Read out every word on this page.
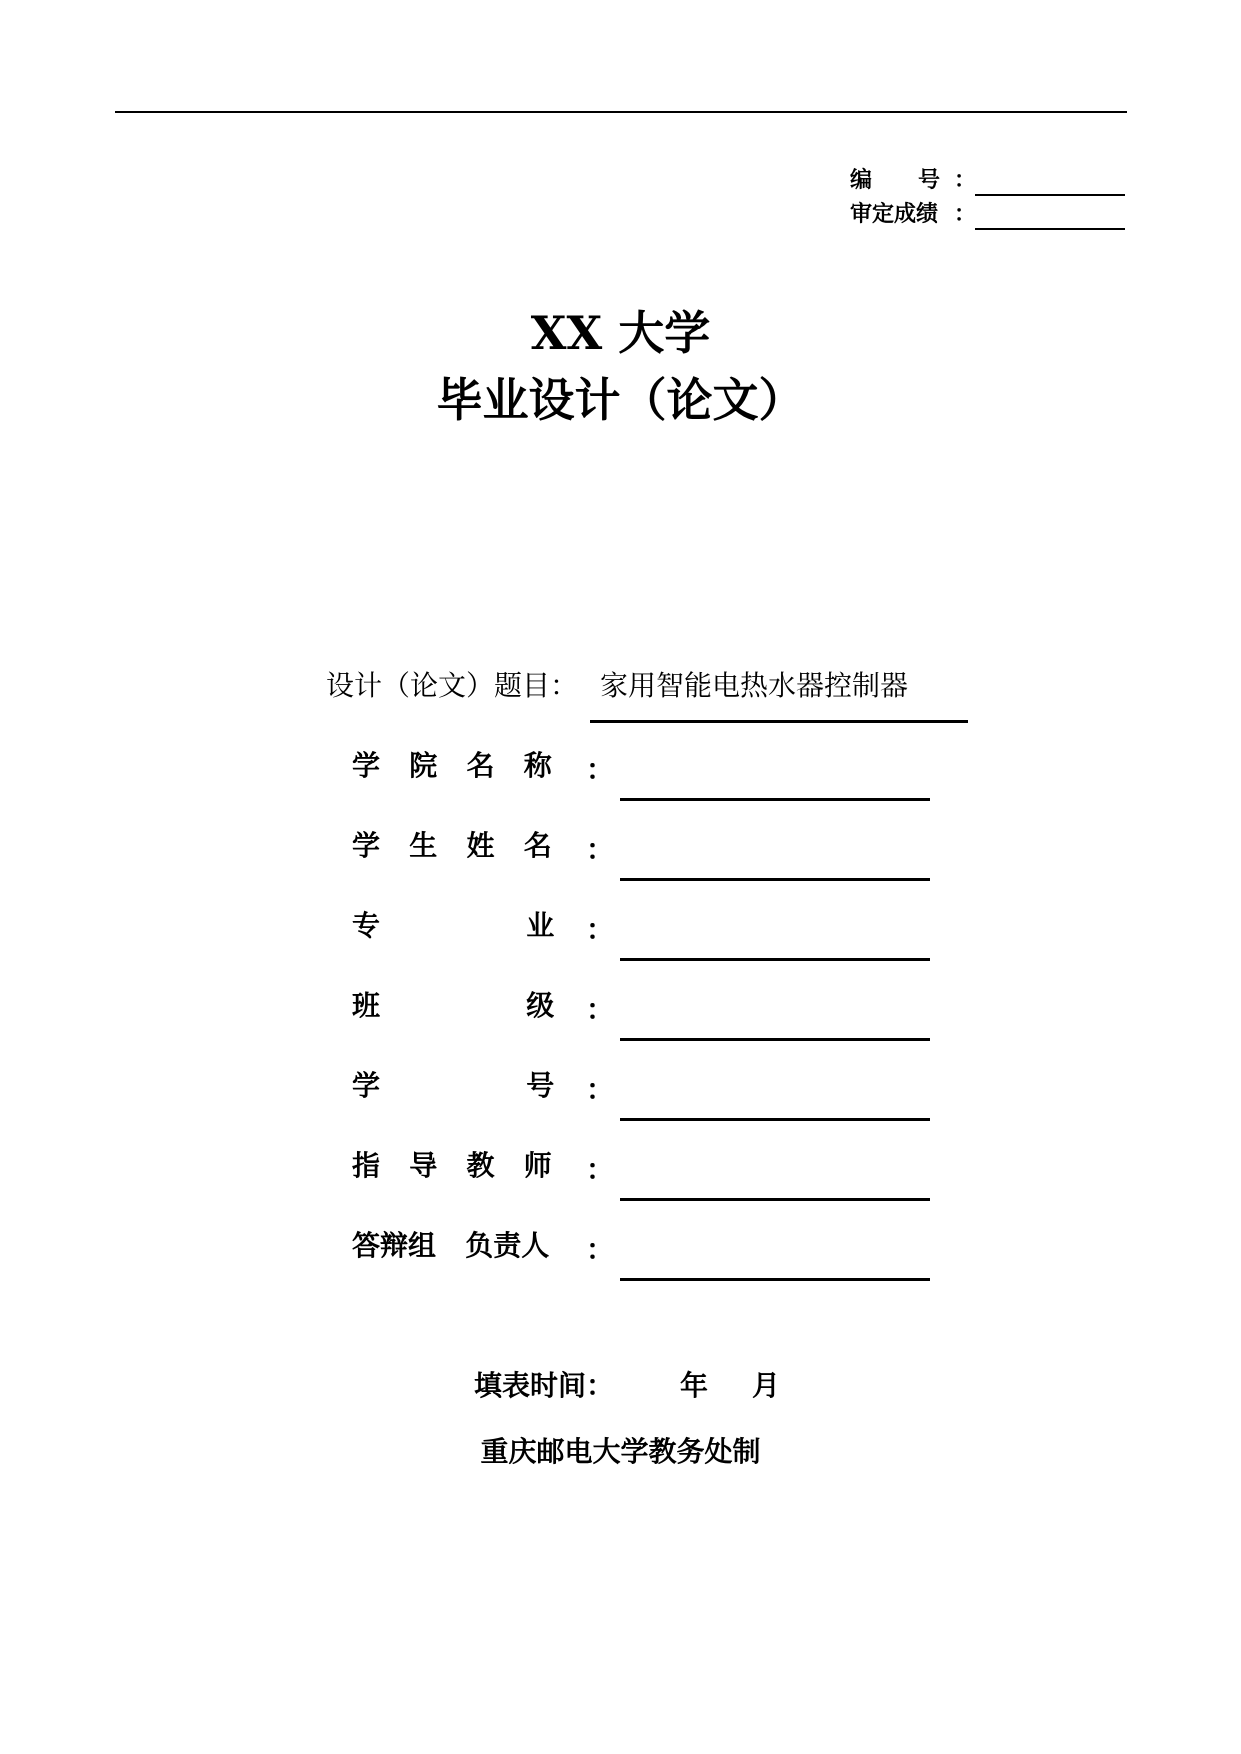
编      号 ：
审定成绩 ：
XX 大学
毕业设计（论文）
设计（论文）题目： 家用智能电热水器控制器
学   院   名   称 ：
学   生   姓   名 ：
专               业 ：
班               级 ：
学               号 ：
指   导   教   师 ：
答辩组   负责人 ：
填表时间： 年 月
重庆邮电大学教务处制
